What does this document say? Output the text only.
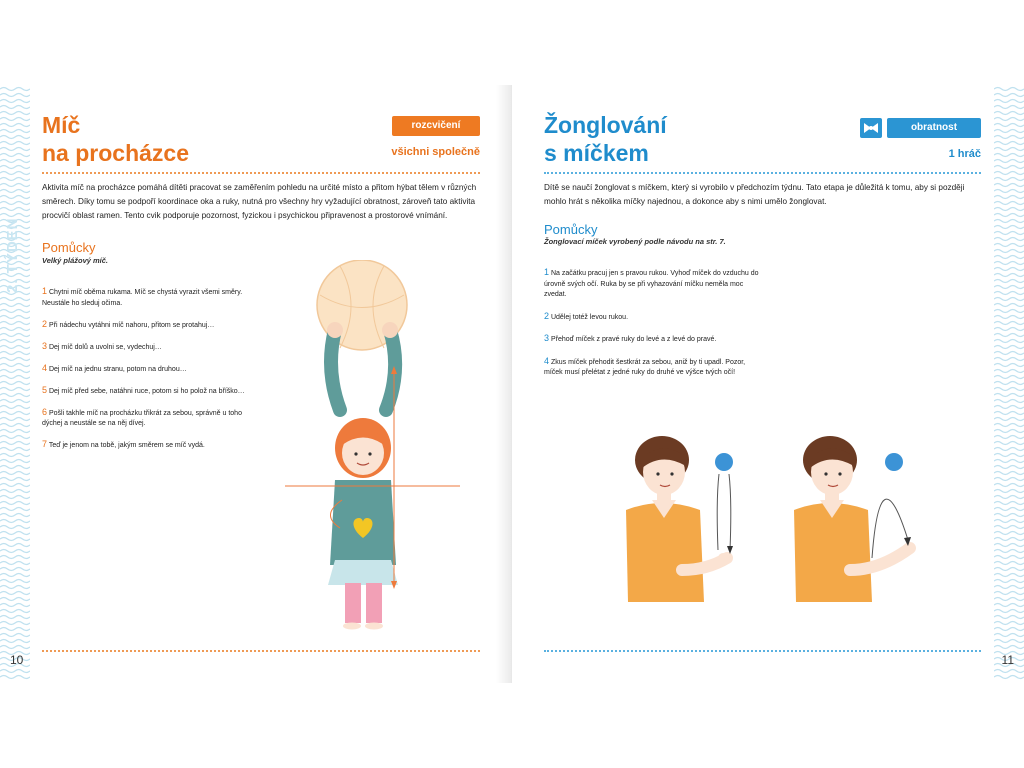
2. TÝDEN
Míč
na procházce
rozcvičení
všichni společně
Aktivita míč na procházce pomáhá dítěti pracovat se zaměřením pohledu na určité místo a přitom hýbat tělem v různých směrech. Díky tomu se podpoří koordinace oka a ruky, nutná pro všechny hry vyžadující obratnost, zároveň tato aktivita procvičí oblast ramen. Tento cvik podporuje pozornost, fyzickou i psychickou připravenost a prostorové vnímání.
Pomůcky
Velký plážový míč.
1 Chytni míč oběma rukama. Míč se chystá vyrazit všemi směry. Neustále ho sleduj očima.
2 Při nádechu vytáhni míč nahoru, přitom se protahuj…
3 Dej míč dolů a uvolni se, vydechuj…
4 Dej míč na jednu stranu, potom na druhou…
5 Dej míč před sebe, natáhni ruce, potom si ho polož na bříško…
6 Pošli takhle míč na procházku třikrát za sebou, správně u toho dýchej a neustále se na něj dívej.
7 Teď je jenom na tobě, jakým směrem se míč vydá.
10
Žonglování
s míčkem
obratnost
1 hráč
Dítě se naučí žonglovat s míčkem, který si vyrobilo v předchozím týdnu. Tato etapa je důležitá k tomu, aby si později mohlo hrát s několika míčky najednou, a dokonce aby s nimi umělo žonglovat.
Pomůcky
Žonglovací míček vyrobený podle návodu na str. 7.
1 Na začátku pracuj jen s pravou rukou. Vyhoď míček do vzduchu do úrovně svých očí. Ruka by se při vyhazování míčku neměla moc zvedat.
2 Udělej totéž levou rukou.
3 Přehoď míček z pravé ruky do levé a z levé do pravé.
4 Zkus míček přehodit šestkrát za sebou, aniž by ti upadl. Pozor, míček musí přelétat z jedné ruky do druhé ve výšce tvých očí!
11
